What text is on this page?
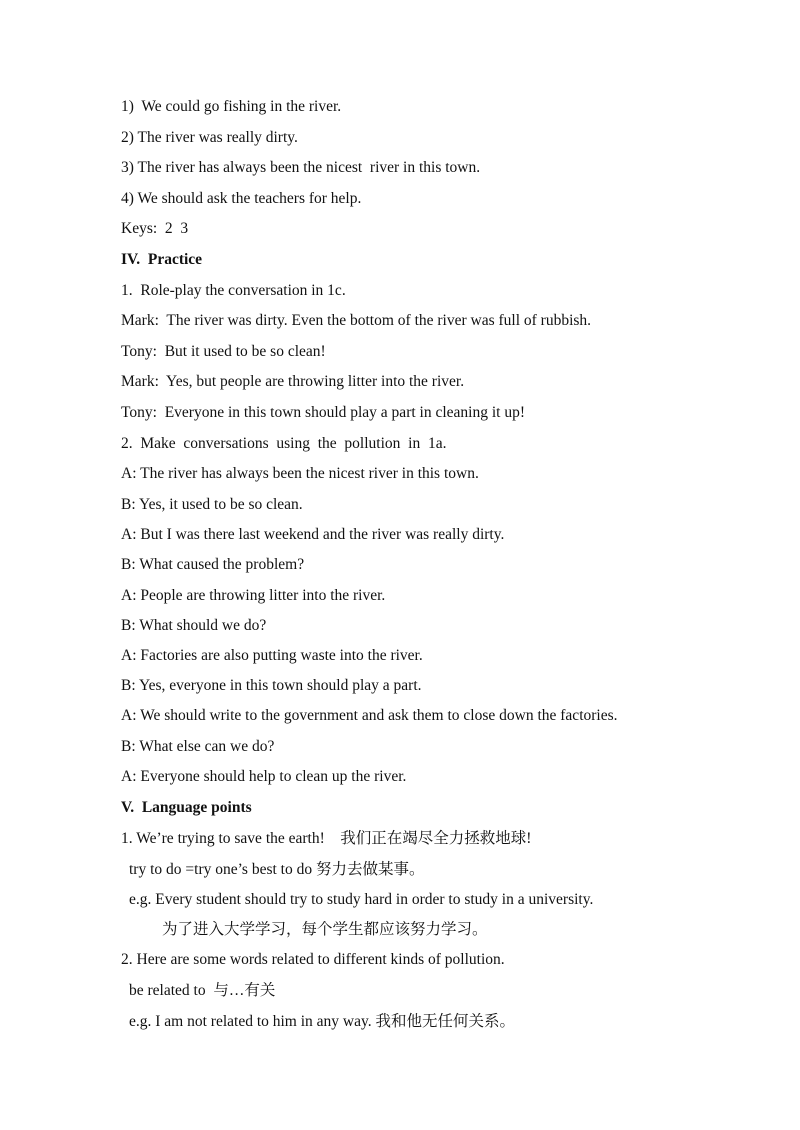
1)  We could go fishing in the river.

2) The river was really dirty.

3) The river has always been the nicest  river in this town.

4) We should ask the teachers for help.

Keys:  2  3

IV.  Practice

1.  Role-play the conversation in 1c.

Mark:  The river was dirty. Even the bottom of the river was full of rubbish.

Tony:  But it used to be so clean!

Mark:  Yes, but people are throwing litter into the river.

Tony:  Everyone in this town should play a part in cleaning it up!

2.  Make  conversations  using  the  pollution  in  1a.

A: The river has always been the nicest river in this town.

B: Yes, it used to be so clean.

A: But I was there last weekend and the river was really dirty.

B: What caused the problem?

A: People are throwing litter into the river.

B: What should we do?

A: Factories are also putting waste into the river.

B: Yes, everyone in this town should play a part.

A: We should write to the government and ask them to close down the factories.

B: What else can we do?

A: Everyone should help to clean up the river.

V.  Language points

1. We’re trying to save the earth!    我们正在竭尽全力拯救地球!

try to do =try one’s best to do 努力去做某事。

e.g. Every student should try to study hard in order to study in a university.

为了进入大学学习，每个学生都应该努力学习。

2. Here are some words related to different kinds of pollution.

be related to  与…有关

e.g. I am not related to him in any way. 我和他无任何关系。
